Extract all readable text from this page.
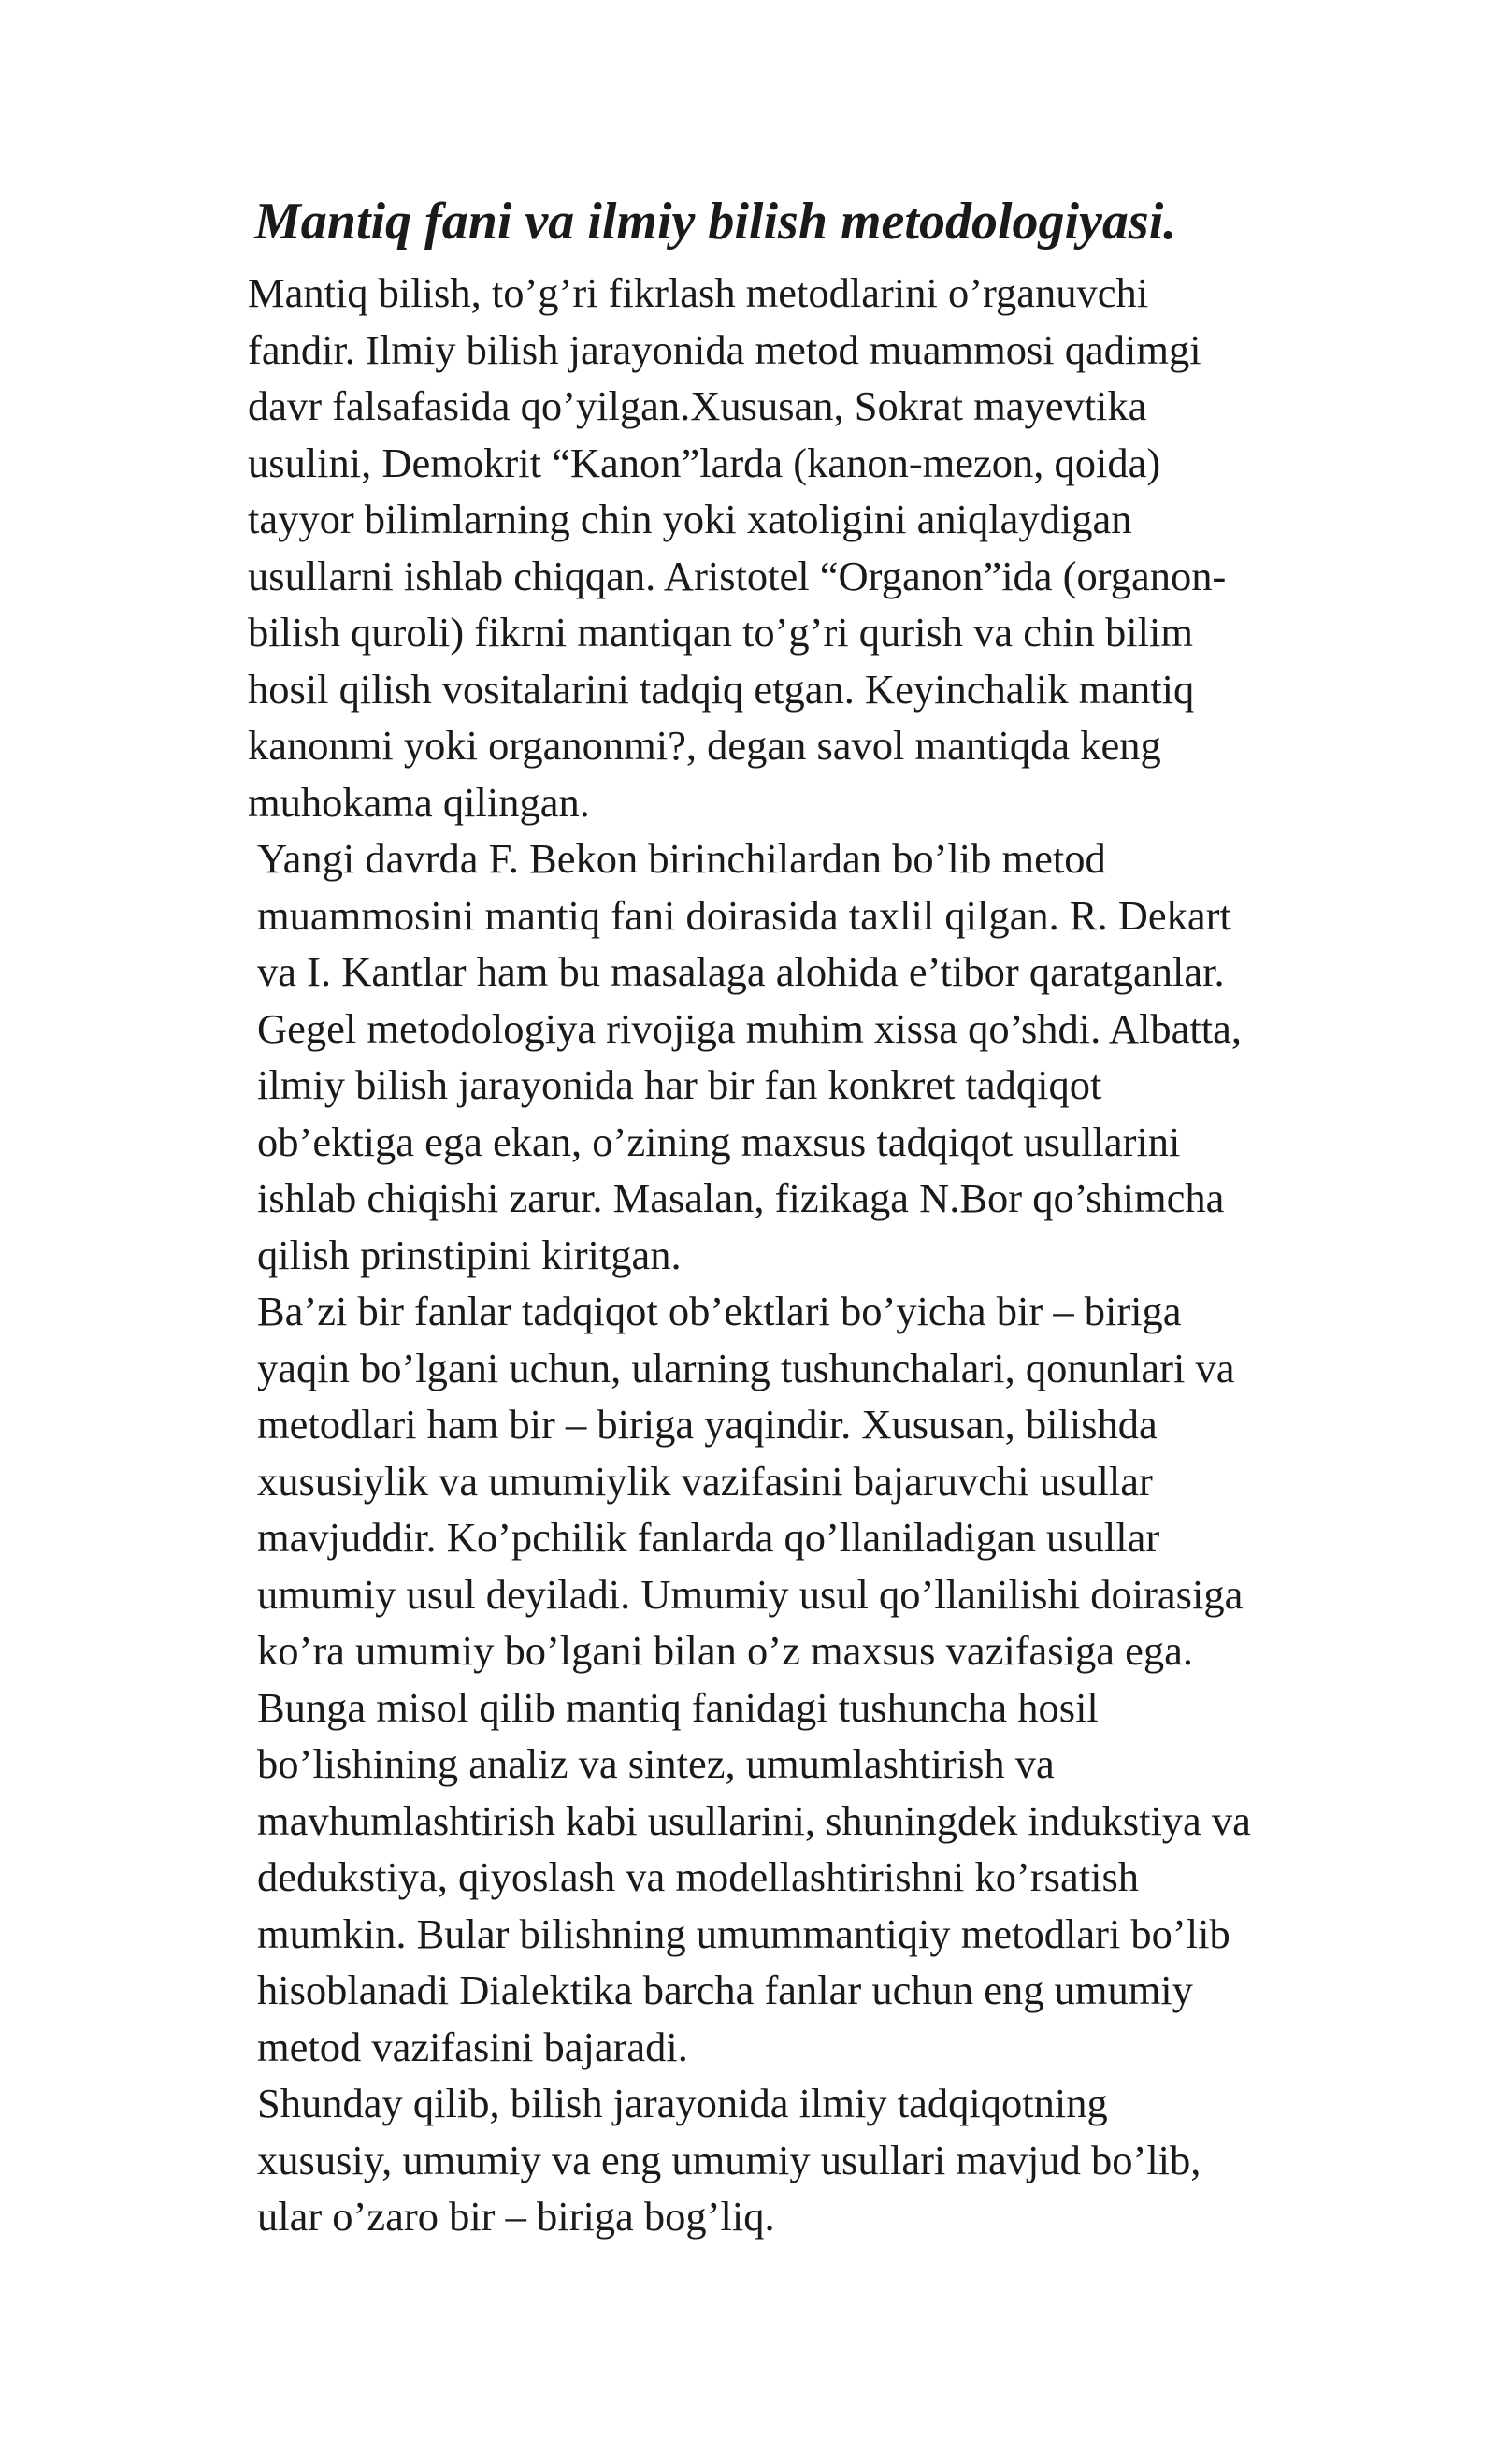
Mantiq fani va ilmiy bilish metodologiyasi.

Mantiq bilish, to’g’ri fikrlash metodlarini o’rganuvchi
fandir. Ilmiy bilish jarayonida metod muammosi qadimgi
davr falsafasida qo’yilgan.Xususan, Sokrat mayevtika
usulini, Demokrit “Kanon”larda (kanon-mezon, qoida)
tayyor bilimlarning chin yoki xatoligini aniqlaydigan
usullarni ishlab chiqqan. Aristotel “Organon”ida (organon-
bilish quroli) fikrni mantiqan to’g’ri qurish va chin bilim
hosil qilish vositalarini tadqiq etgan. Keyinchalik mantiq
kanonmi yoki organonmi?, degan savol mantiqda keng
muhokama qilingan.

Yangi davrda F. Bekon birinchilardan bo’lib metod
muammosini mantiq fani doirasida taxlil qilgan. R. Dekart
va I. Kantlar ham bu masalaga alohida e’tibor qaratganlar.
Gegel metodologiya rivojiga muhim xissa qo’shdi. Albatta,
ilmiy bilish jarayonida har bir fan konkret tadqiqot
ob’ektiga ega ekan, o’zining maxsus tadqiqot usullarini
ishlab chiqishi zarur. Masalan, fizikaga N.Bor qo’shimcha
qilish prinstipini kiritgan.

Ba’zi bir fanlar tadqiqot ob’ektlari bo’yicha bir – biriga
yaqin bo’lgani uchun, ularning tushunchalari, qonunlari va
metodlari ham bir – biriga yaqindir. Xususan, bilishda
xususiylik va umumiylik vazifasini bajaruvchi usullar
mavjuddir. Ko’pchilik fanlarda qo’llaniladigan usullar
umumiy usul deyiladi. Umumiy usul qo’llanilishi doirasiga
ko’ra umumiy bo’lgani bilan o’z maxsus vazifasiga ega.
Bunga misol qilib mantiq fanidagi tushuncha hosil
bo’lishining analiz va sintez, umumlashtirish va
mavhumlashtirish kabi usullarini, shuningdek indukstiya va
dedukstiya, qiyoslash va modellashtirishni ko’rsatish
mumkin. Bular bilishning umummantiqiy metodlari bo’lib
hisoblanadi Dialektika barcha fanlar uchun eng umumiy
metod vazifasini bajaradi.

Shunday qilib, bilish jarayonida ilmiy tadqiqotning
xususiy, umumiy va eng umumiy usullari mavjud bo’lib,
ular o’zaro bir – biriga bog’liq.
